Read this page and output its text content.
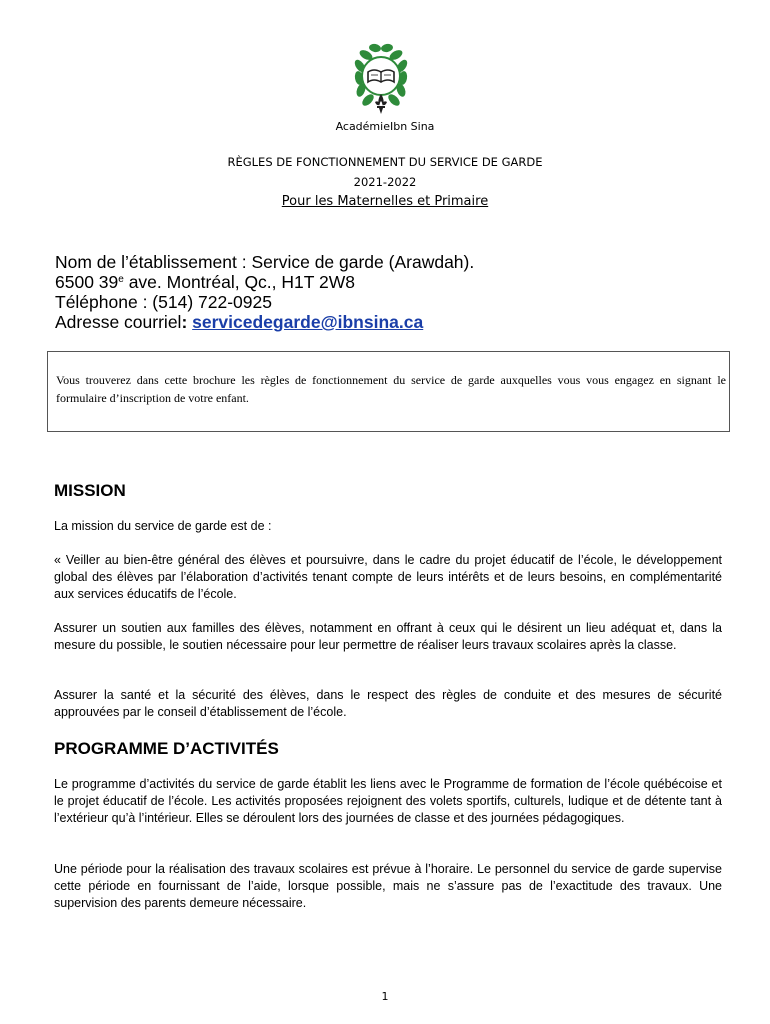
AcadémieIbn Sina
RÈGLES DE FONCTIONNEMENT DU SERVICE DE GARDE
2021-2022
Pour les Maternelles et Primaire
Nom de l’établissement : Service de garde (Arawdah).
6500 39e ave. Montréal, Qc., H1T 2W8
Téléphone : (514) 722-0925
Adresse courriel: servicedegarde@ibnsina.ca
Vous trouverez dans cette brochure les règles de fonctionnement du service de garde auxquelles vous vous engagez en signant le formulaire d’inscription de votre enfant.
MISSION
La mission du service de garde est de :
« Veiller au bien-être général des élèves et poursuivre, dans le cadre du projet éducatif de l’école, le développement global des élèves par l’élaboration d’activités tenant compte de leurs intérêts et de leurs besoins, en complémentarité aux services éducatifs de l’école.
Assurer un soutien aux familles des élèves, notamment en offrant à ceux qui le désirent un lieu adéquat et, dans la mesure du possible, le soutien nécessaire pour leur permettre de réaliser leurs travaux scolaires après la classe.
Assurer la santé et la sécurité des élèves, dans le respect des règles de conduite et des mesures de sécurité approuvées par le conseil d’établissement de l’école.
PROGRAMME D’ACTIVITÉS
Le programme d’activités du service de garde établit les liens avec le Programme de formation de l’école québécoise et le projet éducatif de l’école. Les activités proposées rejoignent des volets sportifs, culturels, ludique et de détente tant à l’extérieur qu’à l’intérieur. Elles se déroulent lors des journées de classe et des journées pédagogiques.
Une période pour la réalisation des travaux scolaires est prévue à l’horaire. Le personnel du service de garde supervise cette période en fournissant de l’aide, lorsque possible, mais ne s’assure pas de l’exactitude des travaux. Une supervision des parents demeure nécessaire.
1
